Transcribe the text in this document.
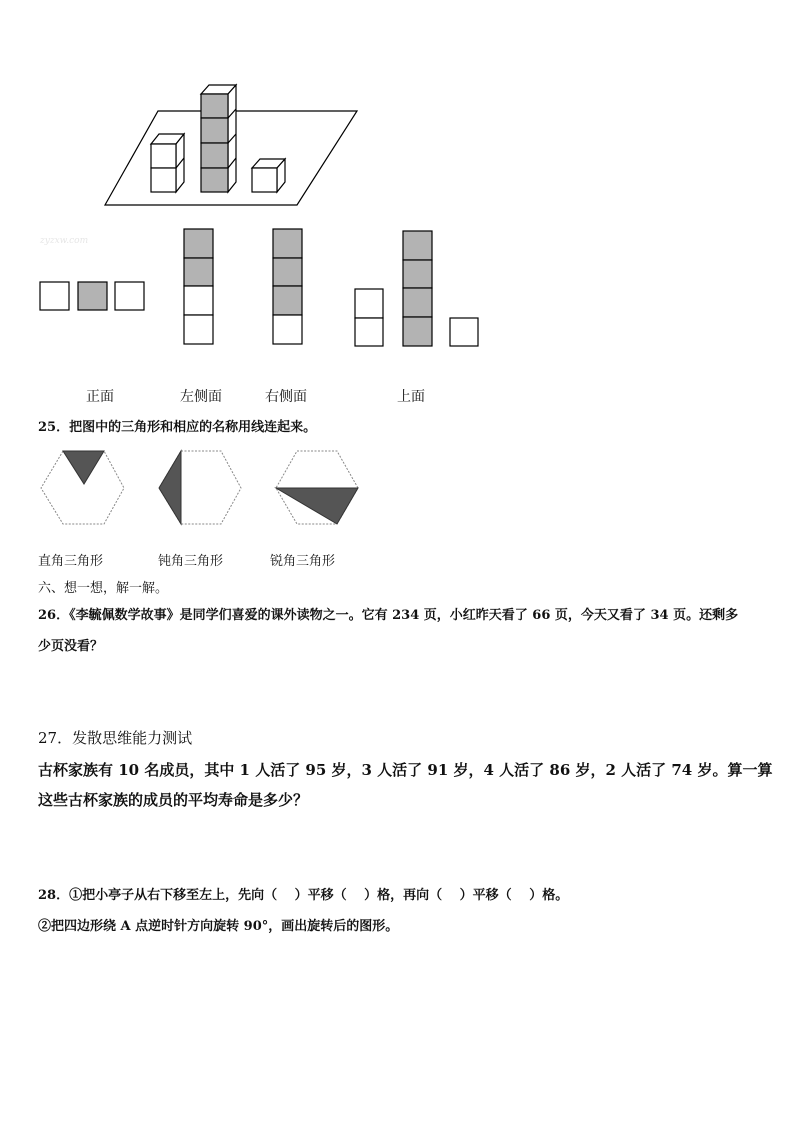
zyzxw.com
正面	左侧面	右侧面	上面
25．把图中的三角形和相应的名称用线连起来。
直角三角形	钝角三角形	锐角三角形
六、想一想，解一解。
26．《李毓佩数学故事》是同学们喜爱的课外读物之一。它有 234 页，小红昨天看了 66 页，今天又看了 34 页。还剩多
少页没看？
27．发散思维能力测试
古杯家族有 10 名成员，其中 1 人活了 95 岁，3 人活了 91 岁，4 人活了 86 岁，2 人活了 74 岁。算一算
这些古杯家族的成员的平均寿命是多少？
28．①把小亭子从右下移至左上，先向（　 ）平移（　 ）格，再向（　 ）平移（　 ）格。
②把四边形绕 A 点逆时针方向旋转 90°，画出旋转后的图形。
